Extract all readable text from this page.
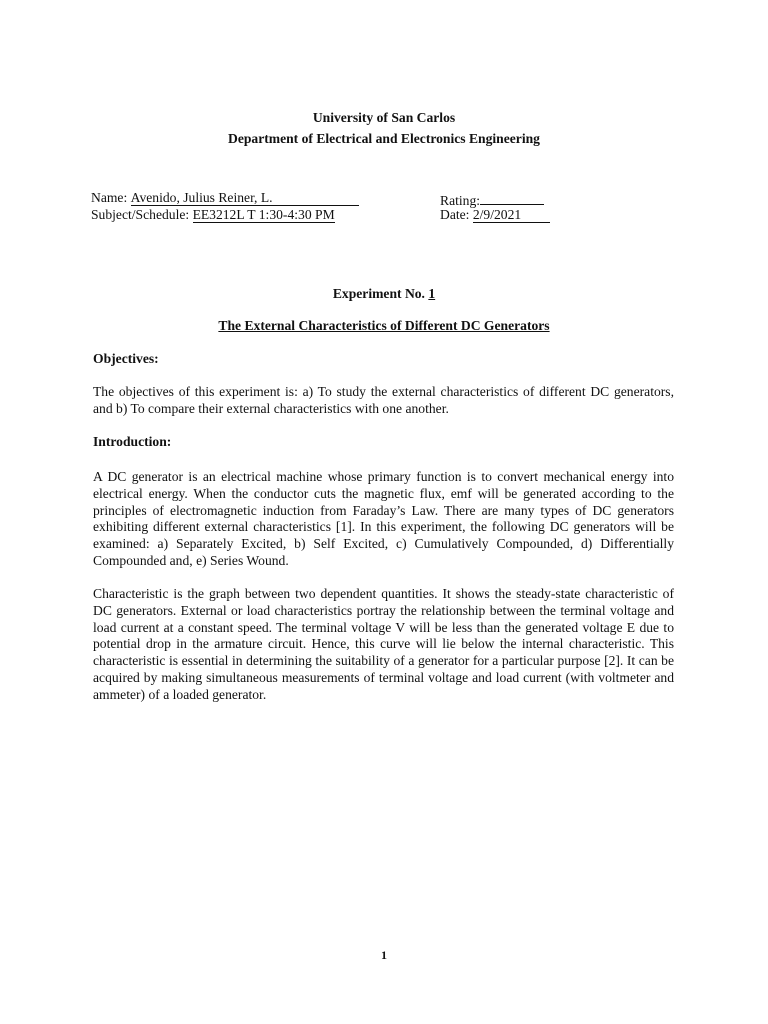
University of San Carlos
Department of Electrical and Electronics Engineering
Name: Avenido, Julius Reiner, L.	Rating:
Subject/Schedule: EE3212L T 1:30-4:30 PM	Date: 2/9/2021
Experiment No. 1
The External Characteristics of Different DC Generators
Objectives:
The objectives of this experiment is: a) To study the external characteristics of different DC generators, and b) To compare their external characteristics with one another.
Introduction:
A DC generator is an electrical machine whose primary function is to convert mechanical energy into electrical energy. When the conductor cuts the magnetic flux, emf will be generated according to the principles of electromagnetic induction from Faraday’s Law. There are many types of DC generators exhibiting different external characteristics [1]. In this experiment, the following DC generators will be examined: a) Separately Excited, b) Self Excited, c) Cumulatively Compounded, d) Differentially Compounded and, e) Series Wound.
Characteristic is the graph between two dependent quantities. It shows the steady-state characteristic of DC generators. External or load characteristics portray the relationship between the terminal voltage and load current at a constant speed. The terminal voltage V will be less than the generated voltage E due to potential drop in the armature circuit. Hence, this curve will lie below the internal characteristic. This characteristic is essential in determining the suitability of a generator for a particular purpose [2]. It can be acquired by making simultaneous measurements of terminal voltage and load current (with voltmeter and ammeter) of a loaded generator.
1
